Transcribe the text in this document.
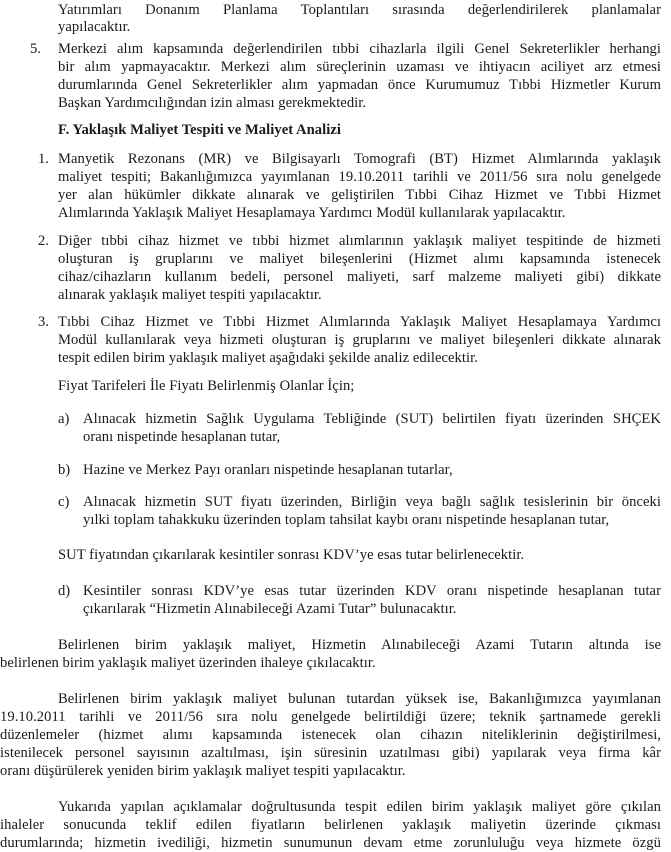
Yatırımları Donanım Planlama Toplantıları sırasında değerlendirilerek planlamalar
yapılacaktır.
5. Merkezi alım kapsamında değerlendirilen tıbbi cihazlarla ilgili Genel Sekreterlikler herhangi
bir alım yapmayacaktır. Merkezi alım süreçlerinin uzaması ve ihtiyacın aciliyet arz etmesi
durumlarında Genel Sekreterlikler alım yapmadan önce Kurumumuz Tıbbi Hizmetler Kurum
Başkan Yardımcılığından izin alması gerekmektedir.
F. Yaklaşık Maliyet Tespiti ve Maliyet Analizi
1. Manyetik Rezonans (MR) ve Bilgisayarlı Tomografi (BT) Hizmet Alımlarında yaklaşık
maliyet tespiti; Bakanlığımızca yayımlanan 19.10.2011 tarihli ve 2011/56 sıra nolu genelgede
yer alan hükümler dikkate alınarak ve geliştirilen Tıbbi Cihaz Hizmet ve Tıbbi Hizmet
Alımlarında Yaklaşık Maliyet Hesaplamaya Yardımcı Modül kullanılarak yapılacaktır.
2. Diğer tıbbi cihaz hizmet ve tıbbi hizmet alımlarının yaklaşık maliyet tespitinde de hizmeti
oluşturan iş gruplarını ve maliyet bileşenlerini (Hizmet alımı kapsamında istenecek
cihaz/cihazların kullanım bedeli, personel maliyeti, sarf malzeme maliyeti gibi) dikkate
alınarak yaklaşık maliyet tespiti yapılacaktır.
3. Tıbbi Cihaz Hizmet ve Tıbbi Hizmet Alımlarında Yaklaşık Maliyet Hesaplamaya Yardımcı
Modül kullanılarak veya hizmeti oluşturan iş gruplarını ve maliyet bileşenleri dikkate alınarak
tespit edilen birim yaklaşık maliyet aşağıdaki şekilde analiz edilecektir.
Fiyat Tarifeleri İle Fiyatı Belirlenmiş Olanlar İçin;
a) Alınacak hizmetin Sağlık Uygulama Tebliğinde (SUT) belirtilen fiyatı üzerinden SHÇEK
oranı nispetinde hesaplanan tutar,
b) Hazine ve Merkez Payı oranları nispetinde hesaplanan tutarlar,
c) Alınacak hizmetin SUT fiyatı üzerinden, Birliğin veya bağlı sağlık tesislerinin bir önceki
yılki toplam tahakkuku üzerinden toplam tahsilat kaybı oranı nispetinde hesaplanan tutar,
SUT fiyatından çıkarılarak kesintiler sonrası KDV’ye esas tutar belirlenecektir.
d) Kesintiler sonrası KDV’ye esas tutar üzerinden KDV oranı nispetinde hesaplanan tutar
çıkarılarak “Hizmetin Alınabileceği Azami Tutar” bulunacaktır.
Belirlenen birim yaklaşık maliyet, Hizmetin Alınabileceği Azami Tutarın altında ise
belirlenen birim yaklaşık maliyet üzerinden ihaleye çıkılacaktır.
Belirlenen birim yaklaşık maliyet bulunan tutardan yüksek ise, Bakanlığımızca yayımlanan
19.10.2011 tarihli ve 2011/56 sıra nolu genelgede belirtildiği üzere; teknik şartnamede gerekli
düzenlemeler (hizmet alımı kapsamında istenecek olan cihazın niteliklerinin değiştirilmesi,
istenilecek personel sayısının azaltılması, işin süresinin uzatılması gibi) yapılarak veya firma kâr
oranı düşürülerek yeniden birim yaklaşık maliyet tespiti yapılacaktır.
Yukarıda yapılan açıklamalar doğrultusunda tespit edilen birim yaklaşık maliyet göre çıkılan
ihaleler sonucunda teklif edilen fiyatların belirlenen yaklaşık maliyetin üzerinde çıkması
durumlarında; hizmetin ivediliği, hizmetin sunumunun devam etme zorunluluğu veya hizmete özgü
